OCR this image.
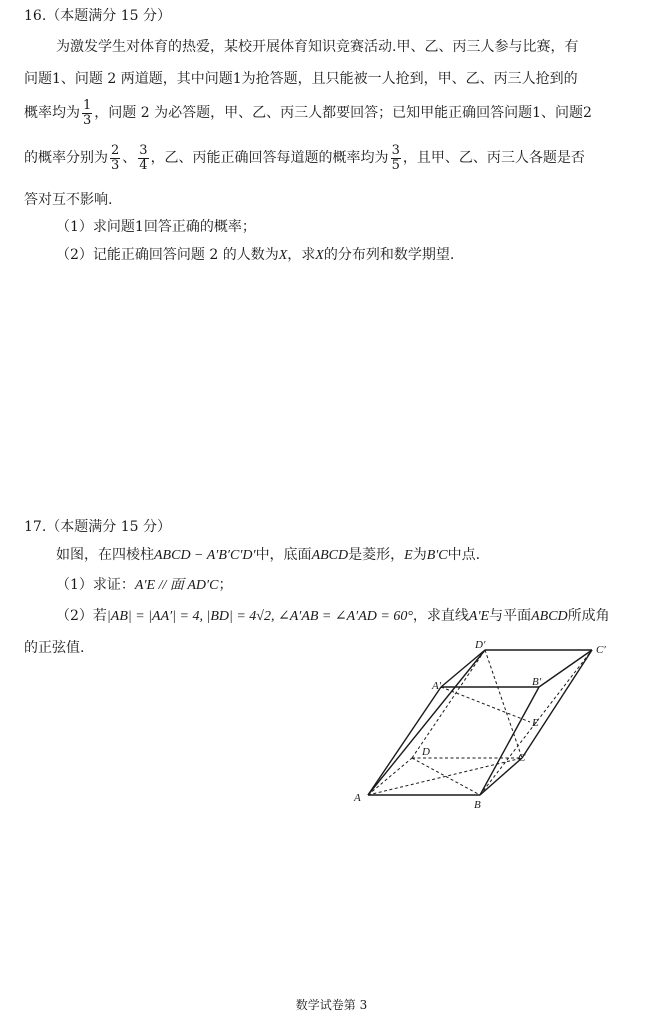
16.（本题满分 15 分）
为激发学生对体育的热爱，某校开展体育知识竞赛活动.甲、乙、丙三人参与比赛，有
问题1、问题 2 两道题，其中问题1为抢答题，且只能被一人抢到，甲、乙、丙三人抢到的
概率均为 $\frac{1}{3}$ ，问题 2 为必答题，甲、乙、丙三人都要回答；已知甲能正确回答问题1、问题2
的概率分别为 $\frac{2}{3}$ 、 $\frac{3}{4}$ ，乙、丙能正确回答每道题的概率均为 $\frac{3}{5}$ ，且甲、乙、丙三人各题是否
答对互不影响.
（1）求问题1回答正确的概率；
（2）记能正确回答问题 2 的人数为X，求X的分布列和数学期望.
17.（本题满分 15 分）
如图，在四棱柱ABCD − A′B′C′D′中，底面ABCD是菱形，E为B′C中点.
（1）求证：A′E // 面 AD′C；
（2）若|AB| = |AA′| = 4, |BD| = 4√2, ∠A′AB = ∠A′AD = 60°，求直线A′E与平面ABCD所成角
的正弦值.
A
B
C
D
A′	B′
C′
D′
E
数学试卷第 3
